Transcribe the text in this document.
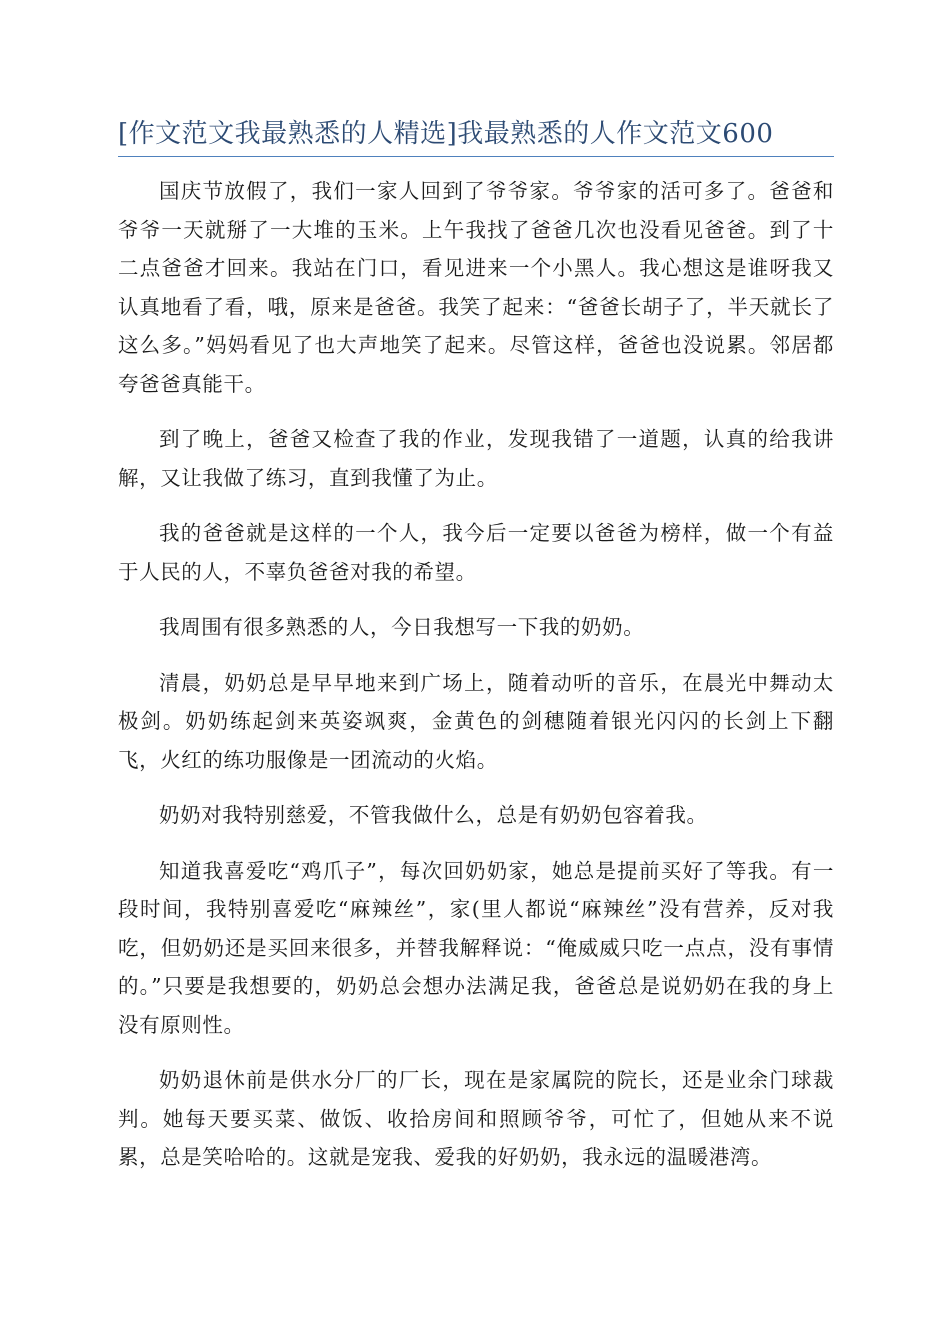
[作文范文我最熟悉的人精选]我最熟悉的人作文范文600

国庆节放假了，我们一家人回到了爷爷家。爷爷家的活可多了。爸爸和爷爷一天就掰了一大堆的玉米。上午我找了爸爸几次也没看见爸爸。到了十二点爸爸才回来。我站在门口，看见进来一个小黑人。我心想这是谁呀我又认真地看了看，哦，原来是爸爸。我笑了起来：“爸爸长胡子了，半天就长了这么多。”妈妈看见了也大声地笑了起来。尽管这样，爸爸也没说累。邻居都夸爸爸真能干。

到了晚上，爸爸又检查了我的作业，发现我错了一道题，认真的给我讲解，又让我做了练习，直到我懂了为止。

我的爸爸就是这样的一个人，我今后一定要以爸爸为榜样，做一个有益于人民的人，不辜负爸爸对我的希望。

我周围有很多熟悉的人，今日我想写一下我的奶奶。

清晨，奶奶总是早早地来到广场上，随着动听的音乐，在晨光中舞动太极剑。奶奶练起剑来英姿飒爽，金黄色的剑穗随着银光闪闪的长剑上下翻飞，火红的练功服像是一团流动的火焰。

奶奶对我特别慈爱，不管我做什么，总是有奶奶包容着我。

知道我喜爱吃“鸡爪子”，每次回奶奶家，她总是提前买好了等我。有一段时间，我特别喜爱吃“麻辣丝”，家(里人都说“麻辣丝”没有营养，反对我吃，但奶奶还是买回来很多，并替我解释说：“俺威威只吃一点点，没有事情的。”只要是我想要的，奶奶总会想办法满足我，爸爸总是说奶奶在我的身上没有原则性。

奶奶退休前是供水分厂的厂长，现在是家属院的院长，还是业余门球裁判。她每天要买菜、做饭、收拾房间和照顾爷爷，可忙了，但她从来不说累，总是笑哈哈的。这就是宠我、爱我的好奶奶，我永远的温暖港湾。
